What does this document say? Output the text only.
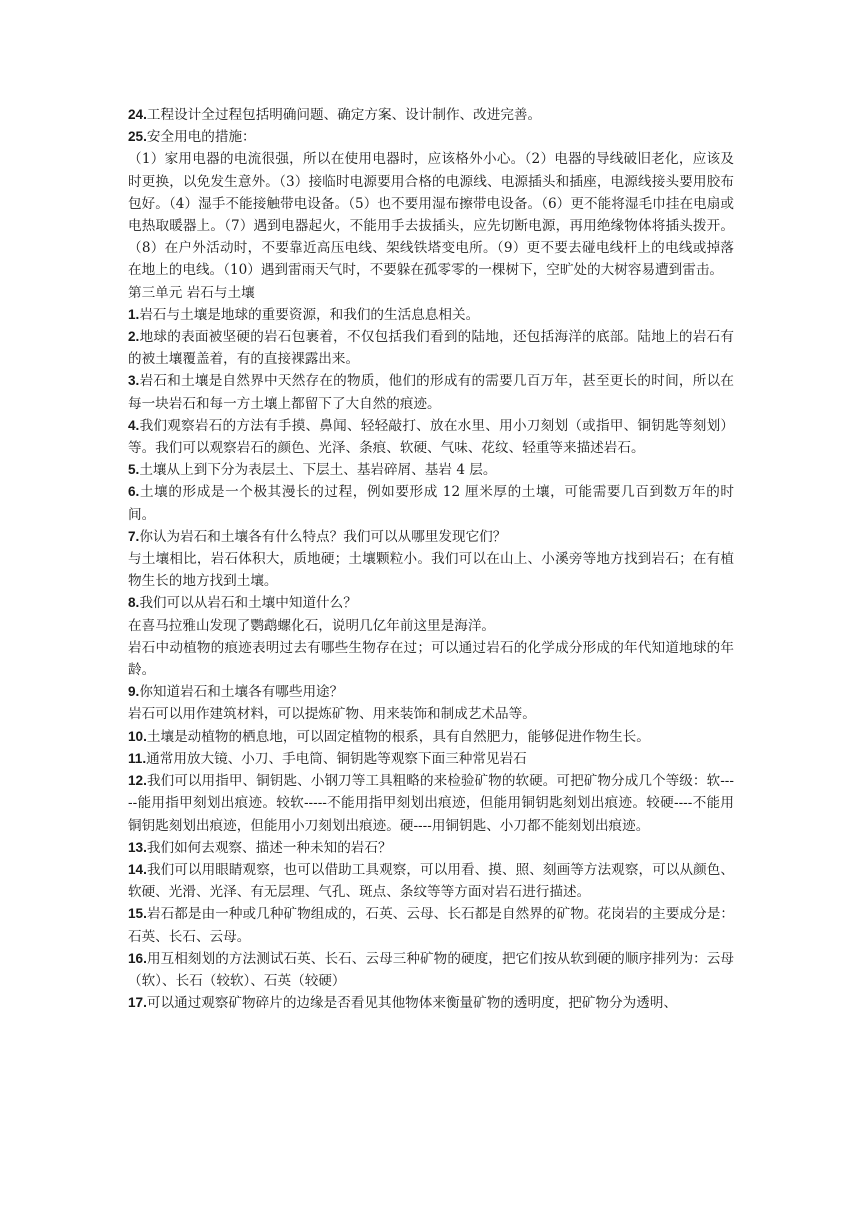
24.工程设计全过程包括明确问题、确定方案、设计制作、改进完善。

25.安全用电的措施：

（1）家用电器的电流很强，所以在使用电器时，应该格外小心。（2）电器的导线破旧老化，应该及时更换，以免发生意外。（3）接临时电源要用合格的电源线、电源插头和插座，电源线接头要用胶布包好。（4）湿手不能接触带电设备。（5）也不要用湿布擦带电设备。（6）更不能将湿毛巾挂在电扇或电热取暖器上。（7）遇到电器起火，不能用手去拔插头，应先切断电源，再用绝缘物体将插头拨开。（8）在户外活动时，不要靠近高压电线、架线铁塔变电所。（9）更不要去碰电线杆上的电线或掉落在地上的电线。（10）遇到雷雨天气时，不要躲在孤零零的一棵树下，空旷处的大树容易遭到雷击。

第三单元 岩石与土壤

1.岩石与土壤是地球的重要资源，和我们的生活息息相关。

2.地球的表面被坚硬的岩石包裹着，不仅包括我们看到的陆地，还包括海洋的底部。陆地上的岩石有的被土壤覆盖着，有的直接裸露出来。

3.岩石和土壤是自然界中天然存在的物质，他们的形成有的需要几百万年，甚至更长的时间，所以在每一块岩石和每一方土壤上都留下了大自然的痕迹。

4.我们观察岩石的方法有手摸、鼻闻、轻轻敲打、放在水里、用小刀刻划（或指甲、铜钥匙等刻划）等。我们可以观察岩石的颜色、光泽、条痕、软硬、气味、花纹、轻重等来描述岩石。

5.土壤从上到下分为表层土、下层土、基岩碎屑、基岩 4 层。

6.土壤的形成是一个极其漫长的过程，例如要形成 12 厘米厚的土壤，可能需要几百到数万年的时间。

7.你认为岩石和土壤各有什么特点？我们可以从哪里发现它们？

与土壤相比，岩石体积大，质地硬；土壤颗粒小。我们可以在山上、小溪旁等地方找到岩石；在有植物生长的地方找到土壤。

8.我们可以从岩石和土壤中知道什么？

在喜马拉雅山发现了鹦鹉螺化石，说明几亿年前这里是海洋。

岩石中动植物的痕迹表明过去有哪些生物存在过；可以通过岩石的化学成分形成的年代知道地球的年龄。

9.你知道岩石和土壤各有哪些用途？

岩石可以用作建筑材料，可以提炼矿物、用来装饰和制成艺术品等。

10.土壤是动植物的栖息地，可以固定植物的根系，具有自然肥力，能够促进作物生长。

11.通常用放大镜、小刀、手电筒、铜钥匙等观察下面三种常见岩石

12.我们可以用指甲、铜钥匙、小钢刀等工具粗略的来检验矿物的软硬。可把矿物分成几个等级：软-----能用指甲刻划出痕迹。较软-----不能用指甲刻划出痕迹，但能用铜钥匙刻划出痕迹。较硬----不能用铜钥匙刻划出痕迹，但能用小刀刻划出痕迹。硬----用铜钥匙、小刀都不能刻划出痕迹。

13.我们如何去观察、描述一种未知的岩石？

14.我们可以用眼睛观察，也可以借助工具观察，可以用看、摸、照、刻画等方法观察，可以从颜色、软硬、光滑、光泽、有无层理、气孔、斑点、条纹等等方面对岩石进行描述。

15.岩石都是由一种或几种矿物组成的，石英、云母、长石都是自然界的矿物。花岗岩的主要成分是：石英、长石、云母。

16.用互相刻划的方法测试石英、长石、云母三种矿物的硬度，把它们按从软到硬的顺序排列为：云母（软）、长石（较软）、石英（较硬）

17.可以通过观察矿物碎片的边缘是否看见其他物体来衡量矿物的透明度，把矿物分为透明、
